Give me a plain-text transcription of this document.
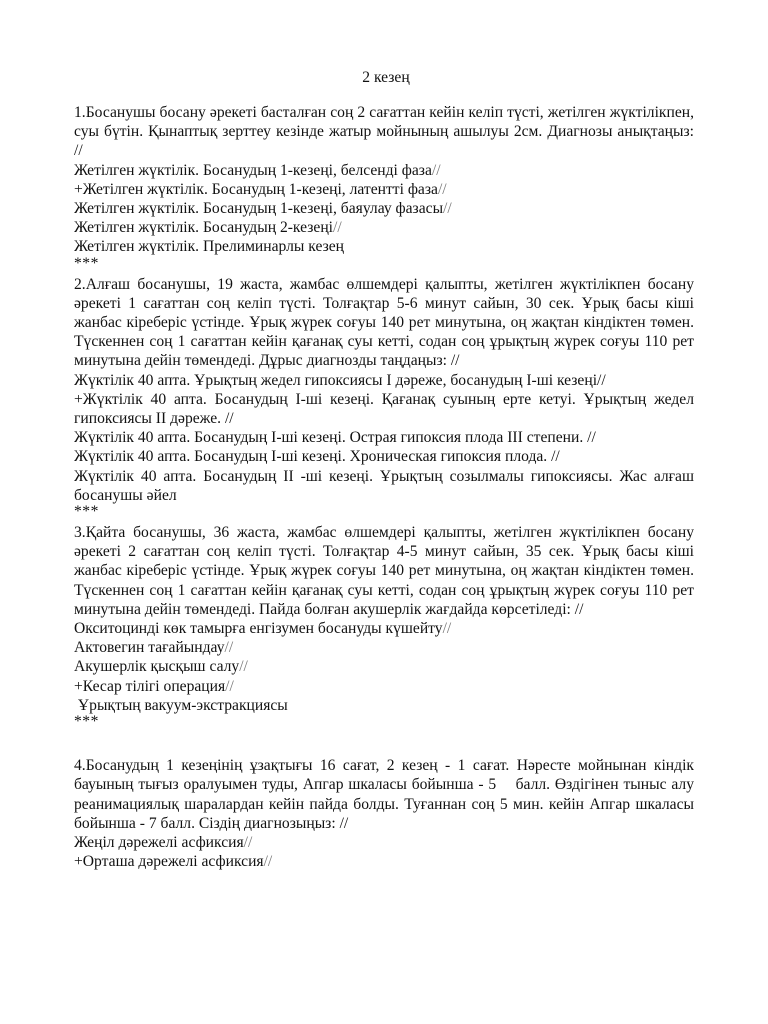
2 кезең

1.Босанушы босану әрекеті басталған соң 2 сағаттан кейін келіп түсті, жетілген жүктілікпен, суы бүтін. Қынаптық зерттеу кезінде жатыр мойнының ашылуы 2см. Диагнозы анықтаңыз: //

Жетілген жүктілік. Босанудың 1-кезеңі, белсенді фаза//

+Жетілген жүктілік. Босанудың 1-кезеңі, латентті фаза//

Жетілген жүктілік. Босанудың 1-кезеңі, баяулау фазасы//

Жетілген жүктілік. Босанудың 2-кезеңі//

Жетілген жүктілік. Прелиминарлы кезең

***

2.Алғаш босанушы, 19 жаста, жамбас өлшемдері қалыпты, жетілген жүктілікпен босану әрекеті 1 сағаттан соң келіп түсті. Толғақтар 5-6 минут сайын, 30 сек. Ұрық басы кіші жанбас кіреберіс үстінде. Ұрық жүрек соғуы 140 рет минутына, оң жақтан кіндіктен төмен. Түскеннен соң 1 сағаттан кейін қағанақ суы кетті, содан соң ұрықтың жүрек соғуы 110 рет минутына дейін төмендеді. Дұрыс диагнозды таңдаңыз: //

Жүктілік 40 апта. Ұрықтың жедел гипоксиясы І дәреже, босанудың І-ші кезеңі//

+Жүктілік 40 апта. Босанудың І-ші кезеңі. Қағанақ суының ерте кетуі. Ұрықтың жедел гипоксиясы ІІ дәреже. //

Жүктілік 40 апта. Босанудың І-ші кезеңі. Острая гипоксия плода ІІІ степени. //

Жүктілік 40 апта. Босанудың І-ші кезеңі. Хроническая гипоксия плода. //

Жүктілік 40 апта. Босанудың ІІ -ші кезеңі. Ұрықтың созылмалы гипоксиясы. Жас алғаш босанушы әйел

***

3.Қайта босанушы, 36 жаста, жамбас өлшемдері қалыпты, жетілген жүктілікпен босану әрекеті 2 сағаттан соң келіп түсті. Толғақтар 4-5 минут сайын, 35 сек. Ұрық басы кіші жанбас кіреберіс үстінде. Ұрық жүрек соғуы 140 рет минутына, оң жақтан кіндіктен төмен. Түскеннен соң 1 сағаттан кейін қағанақ суы кетті, содан соң ұрықтың жүрек соғуы 110 рет минутына дейін төмендеді. Пайда болған акушерлік жағдайда көрсетіледі: //

Окситоцинді көк тамырға енгізумен босануды күшейту//

Актовегин тағайындау//

Акушерлік қысқыш салу//

+Кесар тілігі операция//

Ұрықтың вакуум-экстракциясы

***

4.Босанудың 1 кезеңінің ұзақтығы 16 сағат, 2 кезең - 1 сағат. Нәресте мойнынан кіндік бауының тығыз оралуымен туды, Апгар шкаласы бойынша - 5    балл. Өздігінен тыныс алу реанимациялық шаралардан кейін пайда болды. Туғаннан соң 5 мин. кейін Апгар шкаласы бойынша - 7 балл. Сіздің диагнозыңыз: //

Жеңіл дәрежелі асфиксия//

+Орташа дәрежелі асфиксия//
